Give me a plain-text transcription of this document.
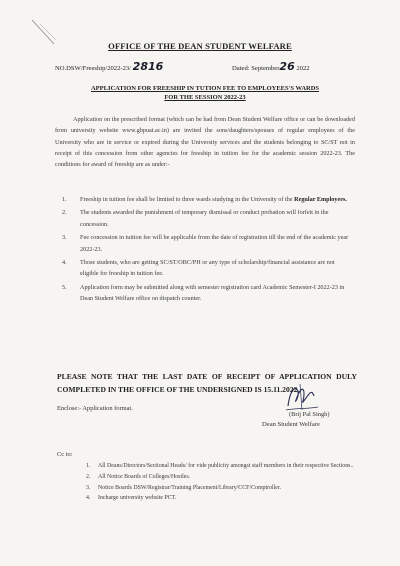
OFFICE OF THE DEAN STUDENT WELFARE
NO.DSW/Freeship/2022-23/ 2816	Dated: September26 2022
APPLICATION FOR FREESHIP IN TUTION FEE TO EMPLOYEES'S WARDS
FOR THE SESSION 2022-23
Application on the prescribed format (which can be had from Dean Student Welfare office or can be downloaded from university website www.gbpuat.ac.in) are invited the sons/daughters/spouses of regular employees of the University who are in service or expired during the University services and the students belonging to SC/ST not in receipt of this concession from other agencies for freeship in tuition fee for the academic session 2022-23. The conditions for award of freeship are as under:-
1. Freeship in tuition fee shall be limited to three wards studying in the University of the Regular Employees.
2. The students awarded the punishment of temporary dismissal or conduct probation will forfeit in the concession.
3. Fee concession in tuition fee will be applicable from the date of registration till the end of the academic year 2022-23.
4. Those students, who are getting SC/ST/OBC/PH or any type of scholarship/financial assistance are not eligible for freeship in tuition fee.
5. Application form may be submitted along with semester registration card Academic Semester-I 2022-23 in Dean Student Welfare office on dispatch counter.
PLEASE NOTE THAT THE LAST DATE OF RECEIPT OF APPLICATION DULY COMPLETED IN THE OFFICE OF THE UNDERSIGNED IS 15.11.2022.
Enclose:- Application format.
(Brij Pal Singh)
Dean Student Welfare
Cc to:
1. All Deans/Directors/Sectional Heads/ for vide publicity amongst staff members in their respective Sections..
2. All Notice Boards of Colleges/Hostles.
3. Notice Boards DSW/Registrar/Training Placement/Library/CCF/Comptroller.
4. Incharge university website PCT.
